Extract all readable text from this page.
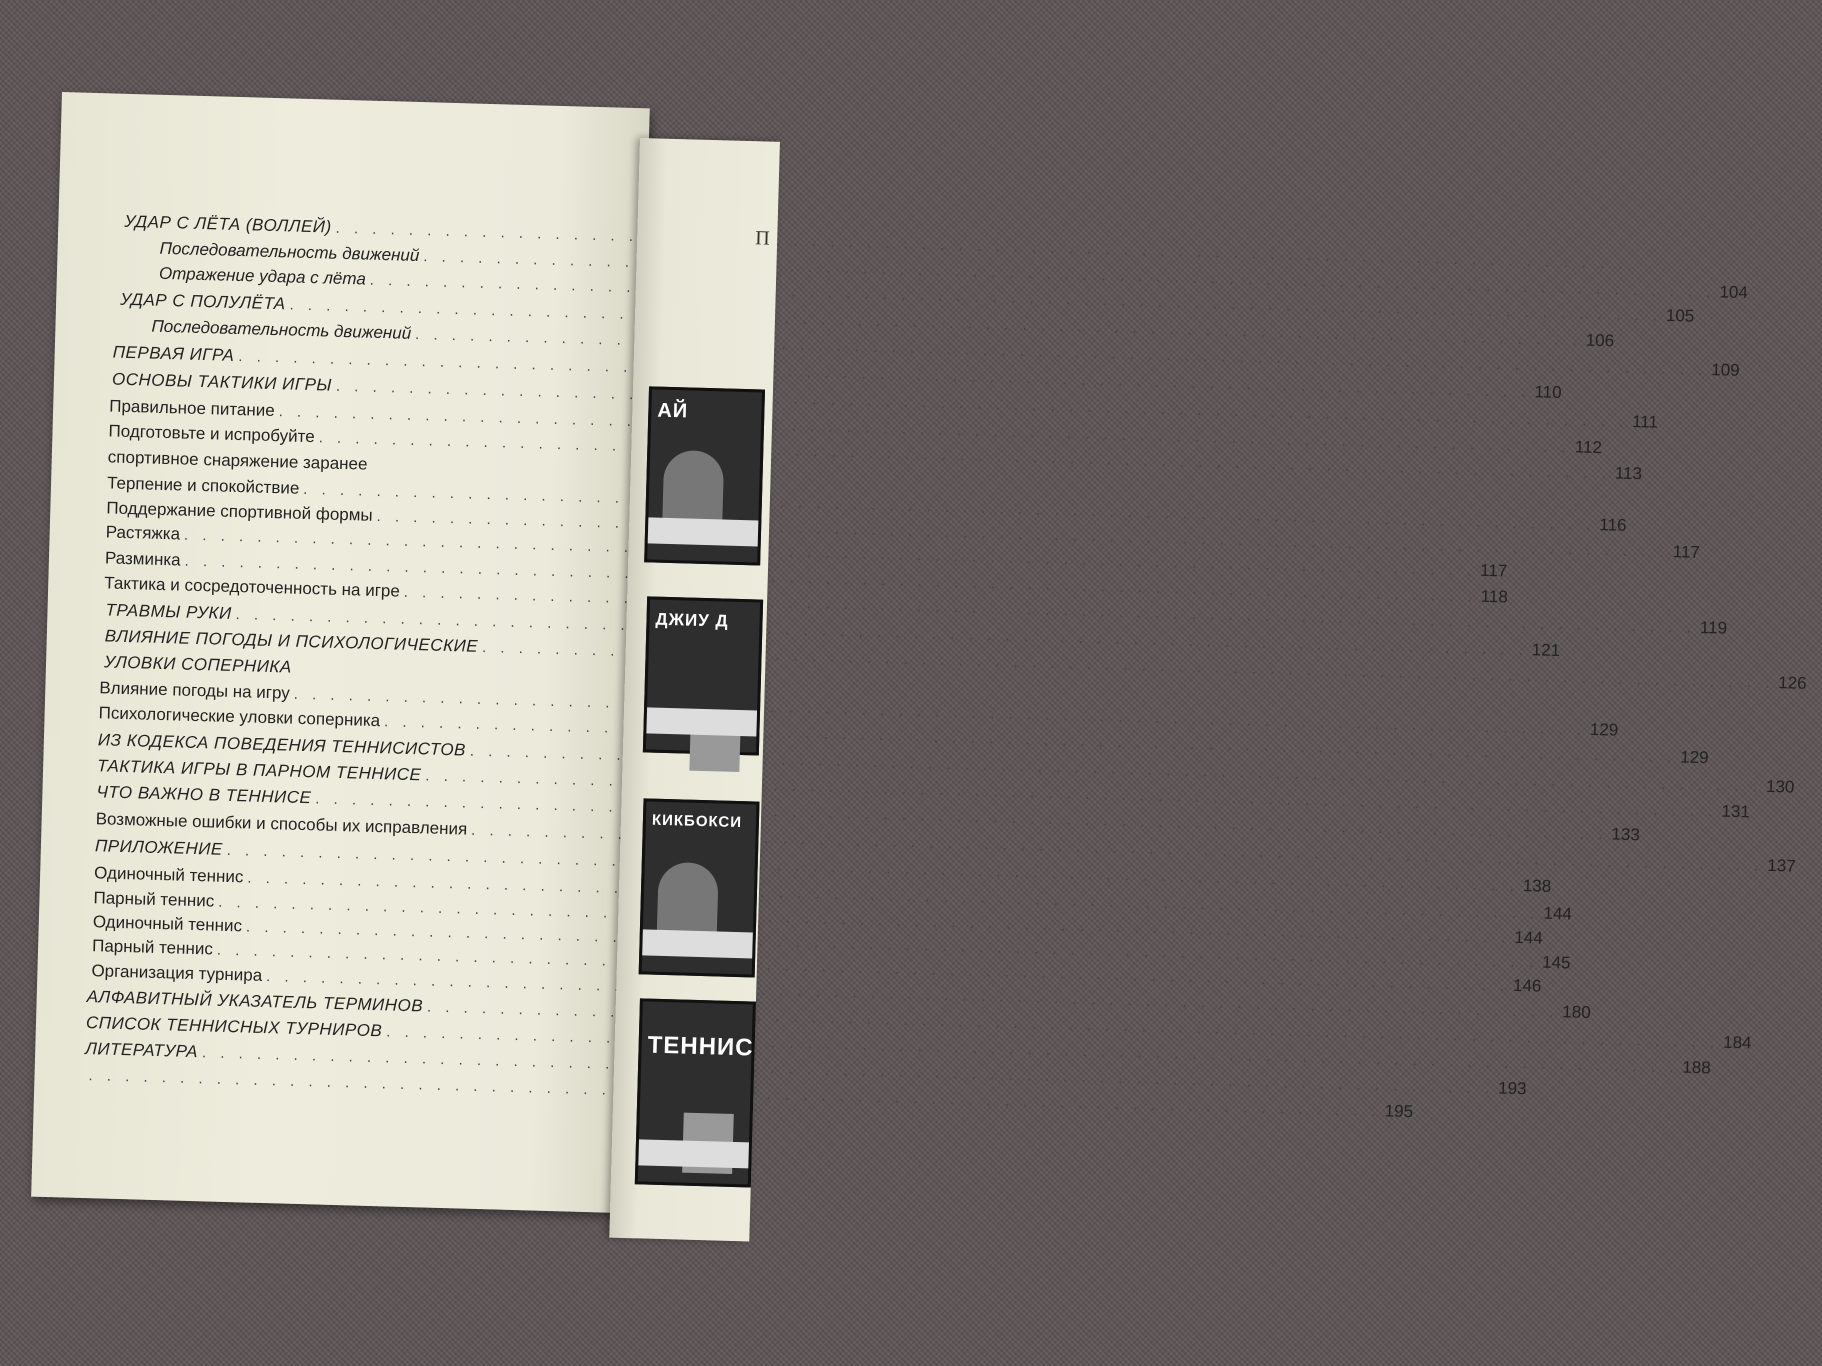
УДАР С ЛЁТА (ВОЛЛЕЙ)
. . .
Последовательность движений
. . .
104
Отражение удара с лёта
. . .
105
УДАР С ПОЛУЛЁТА
. . .
106
Последовательность движений
. . .
109
ПЕРВАЯ ИГРА
. . .
110
ОСНОВЫ ТАКТИКИ ИГРЫ
. . .
111
Правильное питание
. . .
112
Подготовьте и испробуйте
. . .
113
Терпение и спокойствие
. . .
116
Поддержание спортивной формы
. . .
117
Растяжка
. . .
117
Разминка
. . .
118
Тактика и сосредоточенность на игре
. . .
119
ТРАВМЫ РУКИ
. . .
121
ВЛИЯНИЕ ПОГОДЫ И ПСИХОЛОГИЧЕСКИЕ
. . .
126
Влияние погоды на игру
. . .
129
Психологические уловки соперника
. . .
129
ИЗ КОДЕКСА ПОВЕДЕНИЯ ТЕННИСИСТОВ
. . .
130
ТАКТИКА ИГРЫ В ПАРНОМ ТЕННИСЕ
. . .
131
ЧТО ВАЖНО В ТЕННИСЕ
. . .
133
Возможные ошибки и способы их исправления
. . .
137
ПРИЛОЖЕНИЕ
. . .
138
Одиночный теннис
. . .
144
Парный теннис
. . .
144
Одиночный теннис
. . .
145
Парный теннис
. . .
146
Организация турнира
. . .
180
АЛФАВИТНЫЙ УКАЗАТЕЛЬ ТЕРМИНОВ
. . .
184
СПИСОК ТЕННИСНЫХ ТУРНИРОВ
. . .
188
ЛИТЕРАТУРА
. . .
193
. . .
195
спортивное снаряжение заранее
УЛОВКИ СОПЕРНИКА
П
АЙ
ДЖИУ Д
КИКБОКСИ
ТЕННИС
